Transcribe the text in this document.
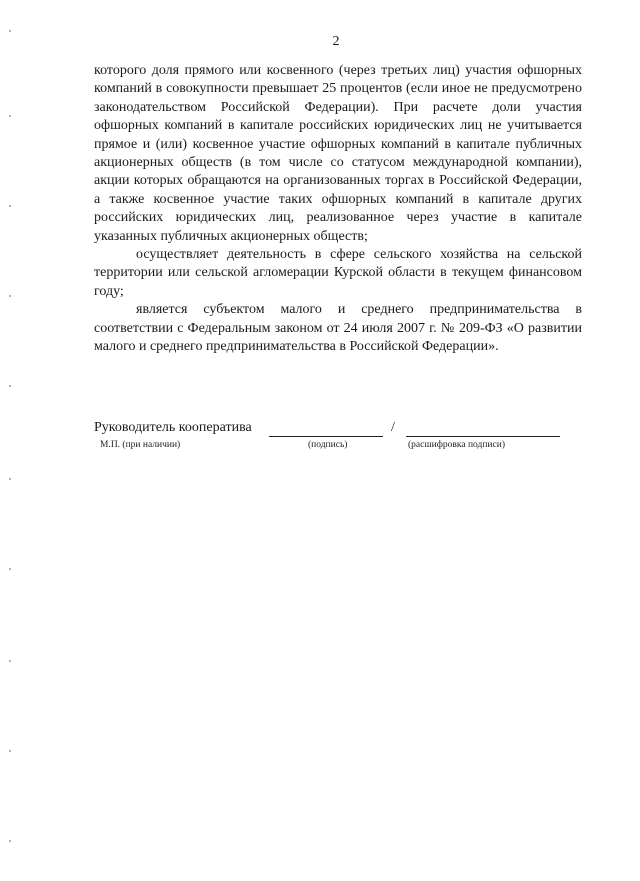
2

которого доля прямого или косвенного (через третьих лиц) участия офшорных компаний в совокупности превышает 25 процентов (если иное не предусмотрено законодательством Российской Федерации). При расчете доли участия офшорных компаний в капитале российских юридических лиц не учитывается прямое и (или) косвенное участие офшорных компаний в капитале публичных акционерных обществ (в том числе со статусом международной компании), акции которых обращаются на организованных торгах в Российской Федерации, а также косвенное участие таких офшорных компаний в капитале других российских юридических лиц, реализованное через участие в капитале указанных публичных акционерных обществ;

осуществляет деятельность в сфере сельского хозяйства на сельской территории или сельской агломерации Курской области в текущем финансовом году;

является субъектом малого и среднего предпринимательства в соответствии с Федеральным законом от 24 июля 2007 г. № 209-ФЗ «О развитии малого и среднего предпринимательства в Российской Федерации».

Руководитель кооператива	/
М.П. (при наличии)	(подпись)	(расшифровка подписи)
